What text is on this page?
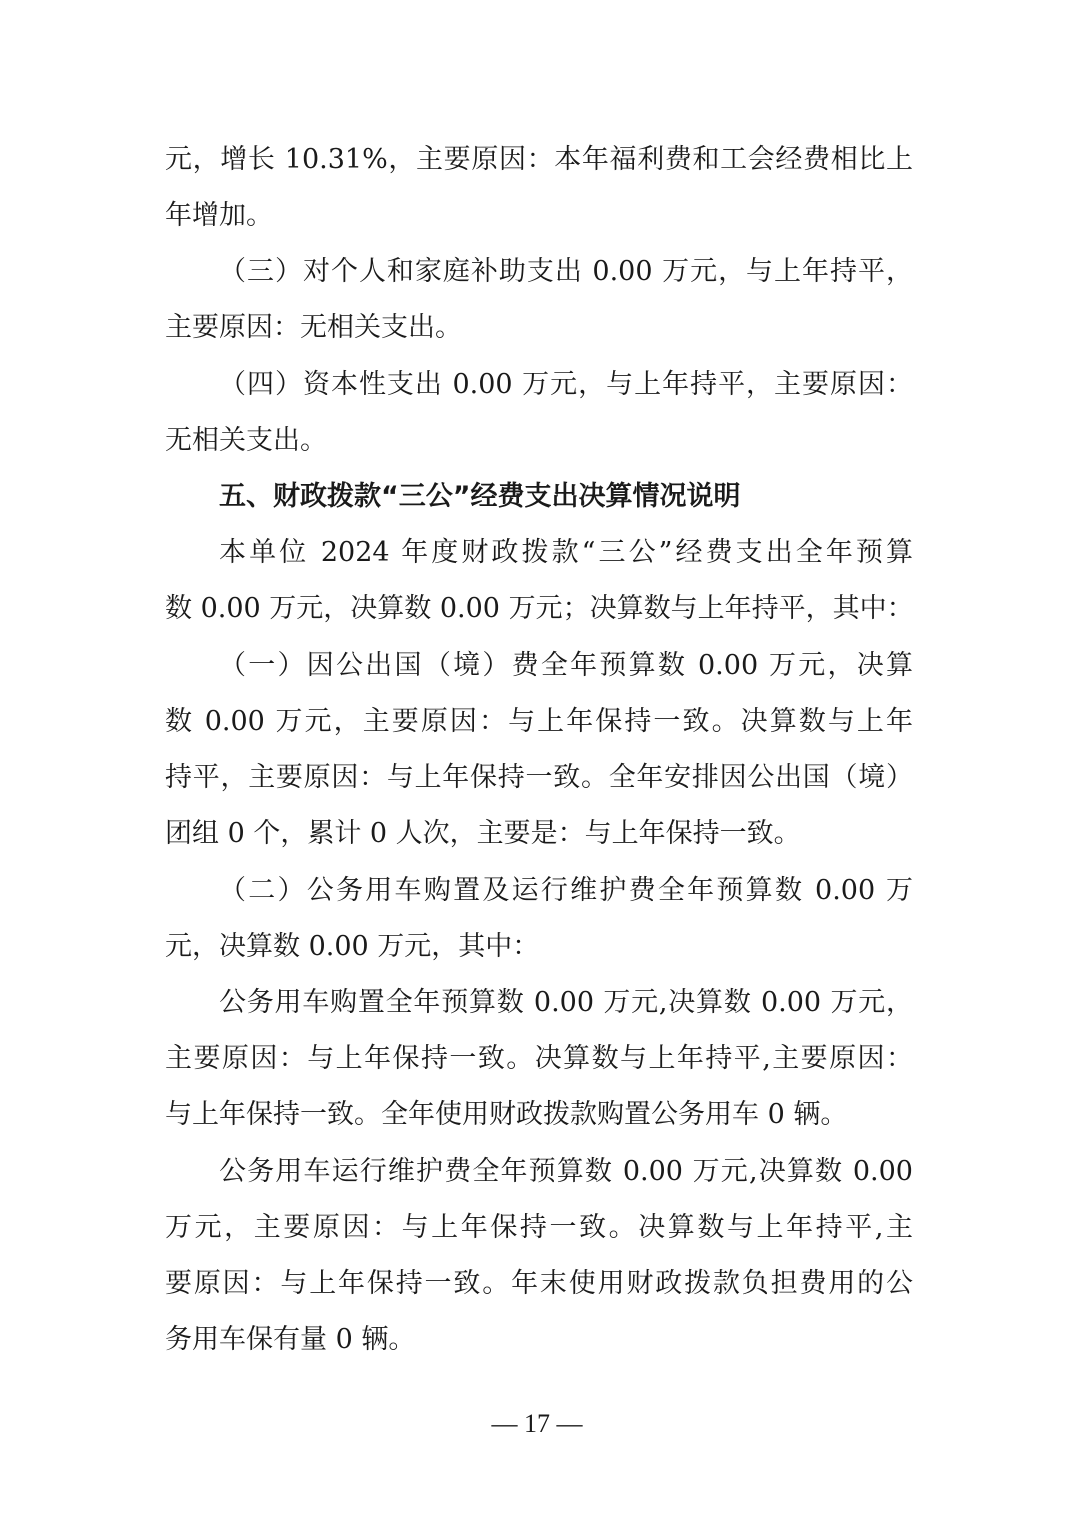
元，增长 10.31%，主要原因：本年福利费和工会经费相比上
年增加。
（三）对个人和家庭补助支出 0.00 万元，与上年持平，
主要原因：无相关支出。
（四）资本性支出 0.00 万元，与上年持平，主要原因：
无相关支出。
五、财政拨款“三公”经费支出决算情况说明
本单位 2024 年度财政拨款“三公”经费支出全年预算
数 0.00 万元，决算数 0.00 万元；决算数与上年持平，其中：
（一）因公出国（境）费全年预算数 0.00 万元，决算
数 0.00 万元，主要原因：与上年保持一致。决算数与上年
持平，主要原因：与上年保持一致。全年安排因公出国（境）
团组 0 个，累计 0 人次，主要是：与上年保持一致。
（二）公务用车购置及运行维护费全年预算数 0.00 万
元，决算数 0.00 万元，其中：
公务用车购置全年预算数 0.00 万元,决算数 0.00 万元，
主要原因：与上年保持一致。决算数与上年持平,主要原因：
与上年保持一致。全年使用财政拨款购置公务用车 0 辆。
公务用车运行维护费全年预算数 0.00 万元,决算数 0.00
万元，主要原因：与上年保持一致。决算数与上年持平,主
要原因：与上年保持一致。年末使用财政拨款负担费用的公
务用车保有量 0 辆。
— 17 —
